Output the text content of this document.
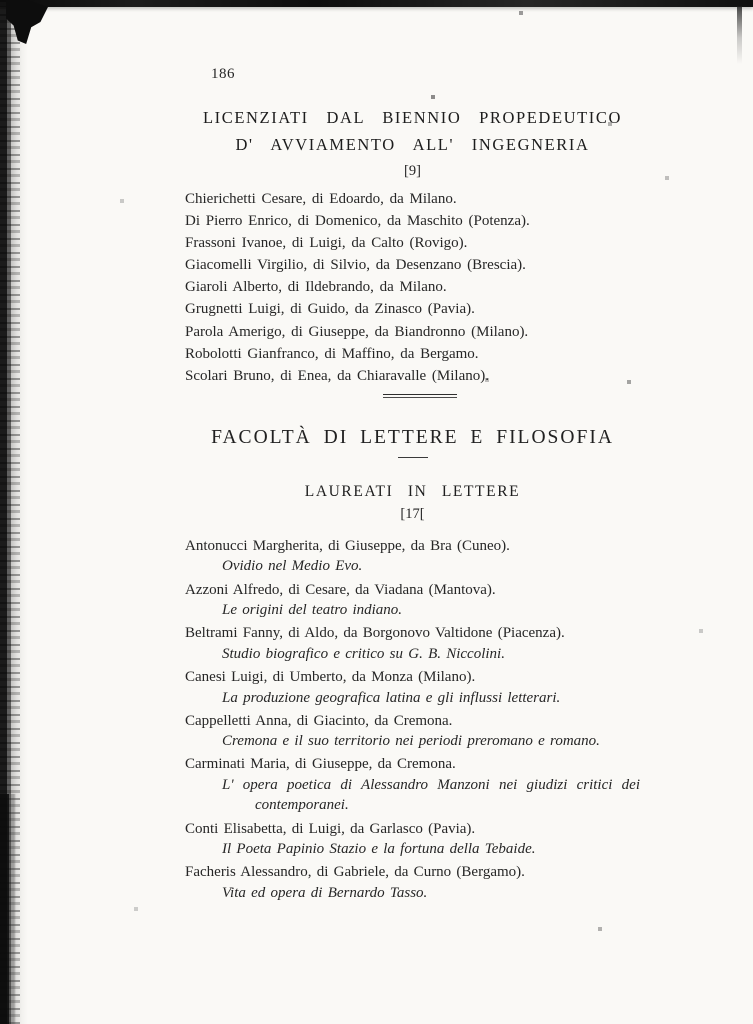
186
LICENZIATI DAL BIENNIO PROPEDEUTICO
D' AVVIAMENTO ALL' INGEGNERIA
[9]
Chierichetti Cesare, di Edoardo, da Milano.
Di Pierro Enrico, di Domenico, da Maschito (Potenza).
Frassoni Ivanoe, di Luigi, da Calto (Rovigo).
Giacomelli Virgilio, di Silvio, da Desenzano (Brescia).
Giaroli Alberto, di Ildebrando, da Milano.
Grugnetti Luigi, di Guido, da Zinasco (Pavia).
Parola Amerigo, di Giuseppe, da Biandronno (Milano).
Robolotti Gianfranco, di Maffino, da Bergamo.
Scolari Bruno, di Enea, da Chiaravalle (Milano).
FACOLTÀ DI LETTERE E FILOSOFIA
LAUREATI IN LETTERE
[17[
Antonucci Margherita, di Giuseppe, da Bra (Cuneo).
Ovidio nel Medio Evo.
Azzoni Alfredo, di Cesare, da Viadana (Mantova).
Le origini del teatro indiano.
Beltrami Fanny, di Aldo, da Borgonovo Valtidone (Piacenza).
Studio biografico e critico su G. B. Niccolini.
Canesi Luigi, di Umberto, da Monza (Milano).
La produzione geografica latina e gli influssi letterari.
Cappelletti Anna, di Giacinto, da Cremona.
Cremona e il suo territorio nei periodi preromano e romano.
Carminati Maria, di Giuseppe, da Cremona.
L' opera poetica di Alessandro Manzoni nei giudizi critici dei contemporanei.
Conti Elisabetta, di Luigi, da Garlasco (Pavia).
Il Poeta Papinio Stazio e la fortuna della Tebaide.
Facheris Alessandro, di Gabriele, da Curno (Bergamo).
Vita ed opera di Bernardo Tasso.
